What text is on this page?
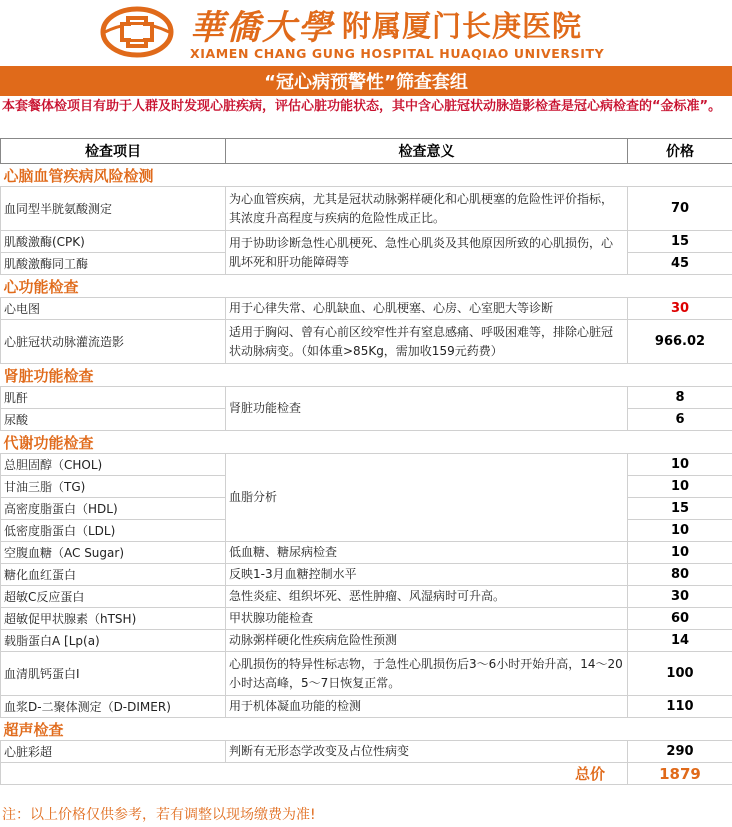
華僑大學 附属厦门长庚医院
XIAMEN CHANG GUNG HOSPITAL HUAQIAO UNIVERSITY
“冠心病预警性”筛查套组
本套餐体检项目有助于人群及时发现心脏疾病，评估心脏功能状态，其中含心脏冠状动脉造影检查是冠心病检查的“金标准”。
检查项目	检查意义	价格
心脑血管疾病风险检测		
血同型半胱氨酸测定	为心血管疾病，尤其是冠状动脉粥样硬化和心肌梗塞的危险性评价指标，其浓度升高程度与疾病的危险性成正比。	70
肌酸激酶(CPK)	用于协助诊断急性心肌梗死、急性心肌炎及其他原因所致的心肌损伤，心肌坏死和肝功能障碍等	15
肌酸激酶同工酶		45
心功能检查		
心电图	用于心律失常、心肌缺血、心肌梗塞、心房、心室肥大等诊断	30
心脏冠状动脉灌流造影	适用于胸闷、曾有心前区绞窄性并有窒息感痛、呼吸困难等，排除心脏冠状动脉病变。（如体重>85Kg，需加收159元药费）	966.02
肾脏功能检查		
肌酐	肾脏功能检查	8
尿酸		6
代谢功能检查		
总胆固醇（CHOL)	血脂分析	10
甘油三脂（TG)		10
高密度脂蛋白（HDL)		15
低密度脂蛋白（LDL)		10
空腹血糖（AC Sugar)	低血糖、糖尿病检查	10
糖化血红蛋白	反映1-3月血糖控制水平	80
超敏C反应蛋白	急性炎症、组织坏死、恶性肿瘤、风湿病时可升高。	30
超敏促甲状腺素（hTSH)	甲状腺功能检查	60
载脂蛋白A [Lp(a)	动脉粥样硬化性疾病危险性预测	14
血清肌钙蛋白I	心肌损伤的特异性标志物，于急性心肌损伤后3～6小时开始升高，14～20小时达高峰，5～7日恢复正常。	100
血浆D-二聚体测定（D-DIMER)	用于机体凝血功能的检测	110
超声检查		
心脏彩超	判断有无形态学改变及占位性病变	290
总价		1879
注：以上价格仅供参考，若有调整以现场缴费为准!
